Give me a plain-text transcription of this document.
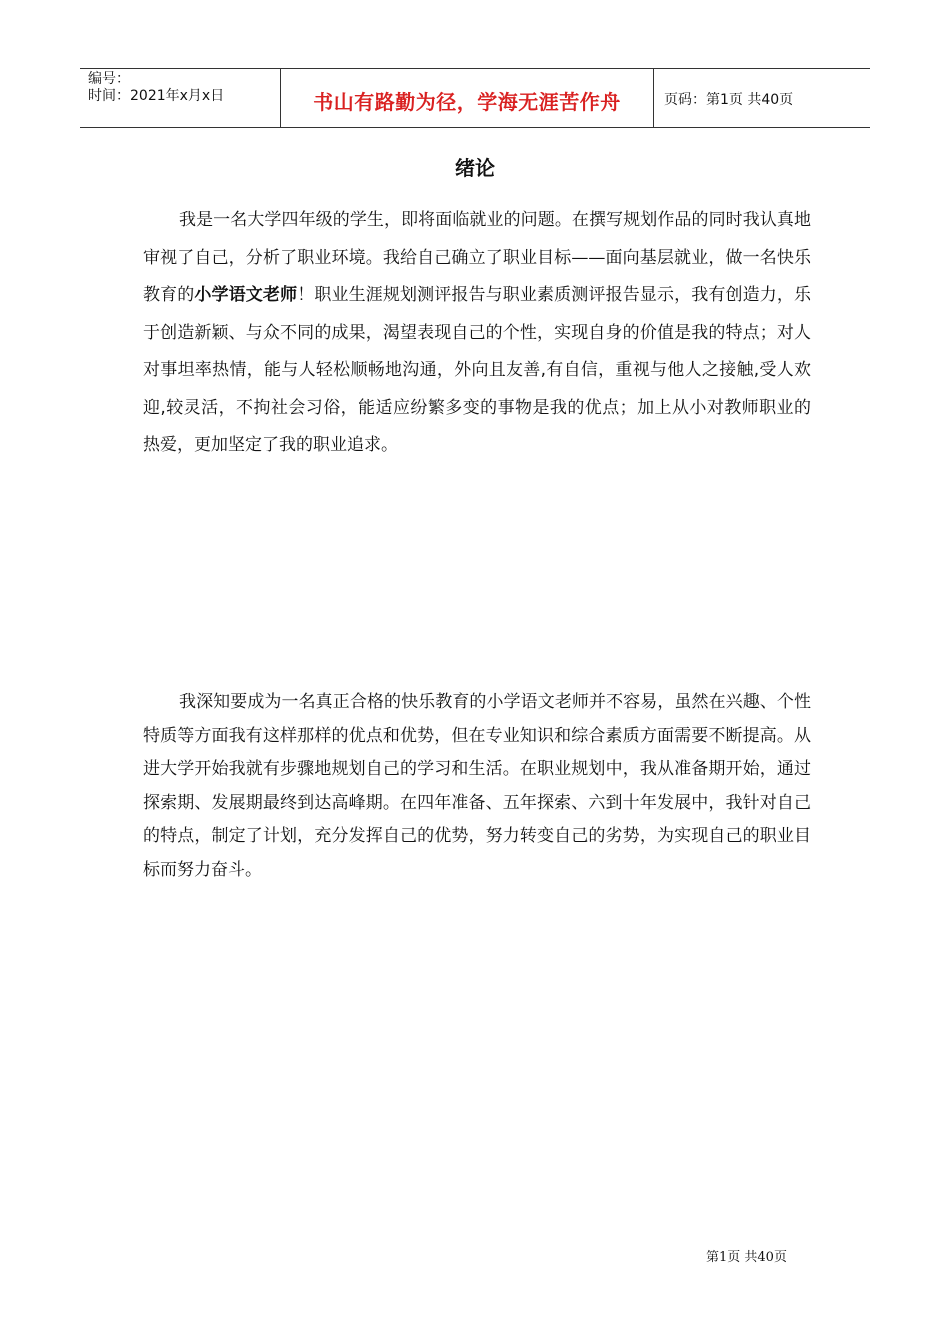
编号：
时间：2021年x月x日	书山有路勤为径，学海无涯苦作舟	页码：第1页 共40页
绪论

我是一名大学四年级的学生，即将面临就业的问题。在撰写规划作品的同时我认真地审视了自己，分析了职业环境。我给自己确立了职业目标——面向基层就业，做一名快乐教育的小学语文老师！职业生涯规划测评报告与职业素质测评报告显示，我有创造力，乐于创造新颖、与众不同的成果，渴望表现自己的个性，实现自身的价值是我的特点；对人对事坦率热情，能与人轻松顺畅地沟通，外向且友善,有自信，重视与他人之接触,受人欢迎,较灵活，不拘社会习俗，能适应纷繁多变的事物是我的优点；加上从小对教师职业的热爱，更加坚定了我的职业追求。

我深知要成为一名真正合格的快乐教育的小学语文老师并不容易，虽然在兴趣、个性特质等方面我有这样那样的优点和优势，但在专业知识和综合素质方面需要不断提高。从进大学开始我就有步骤地规划自己的学习和生活。在职业规划中，我从准备期开始，通过探索期、发展期最终到达高峰期。在四年准备、五年探索、六到十年发展中，我针对自己的特点，制定了计划，充分发挥自己的优势，努力转变自己的劣势，为实现自己的职业目标而努力奋斗。

第1页 共40页
